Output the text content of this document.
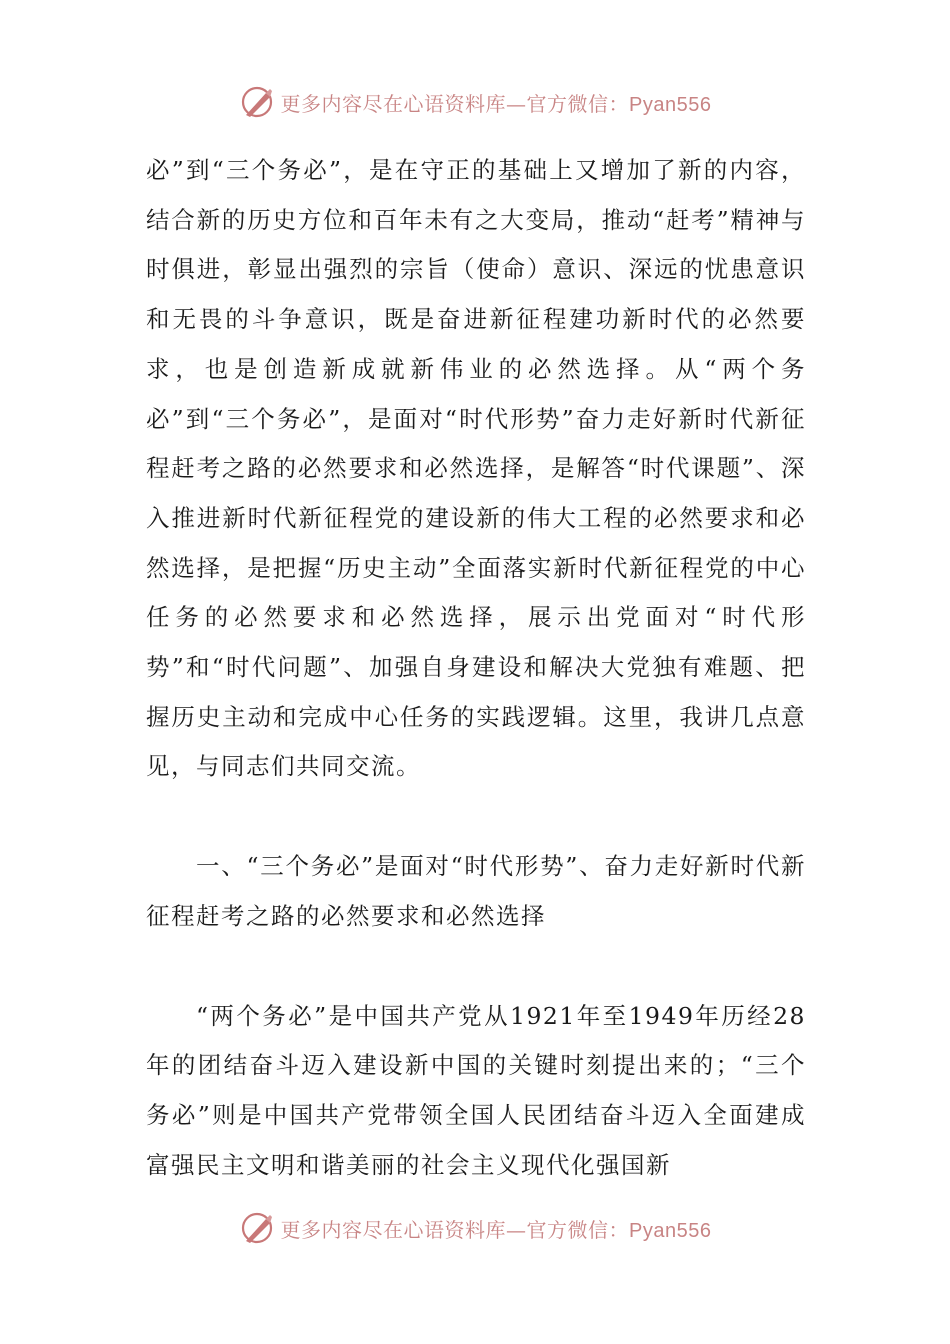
更多内容尽在心语资料库—官方微信：Pyan556

必”到“三个务必”，是在守正的基础上又增加了新的内容，结合新的历史方位和百年未有之大变局，推动“赶考”精神与时俱进，彰显出强烈的宗旨（使命）意识、深远的忧患意识和无畏的斗争意识，既是奋进新征程建功新时代的必然要求，也是创造新成就新伟业的必然选择。从“两个务必”到“三个务必”，是面对“时代形势”奋力走好新时代新征程赶考之路的必然要求和必然选择，是解答“时代课题”、深入推进新时代新征程党的建设新的伟大工程的必然要求和必然选择，是把握“历史主动”全面落实新时代新征程党的中心任务的必然要求和必然选择，展示出党面对“时代形势”和“时代问题”、加强自身建设和解决大党独有难题、把握历史主动和完成中心任务的实践逻辑。这里，我讲几点意见，与同志们共同交流。

一、“三个务必”是面对“时代形势”、奋力走好新时代新征程赶考之路的必然要求和必然选择

“两个务必”是中国共产党从1921年至1949年历经28年的团结奋斗迈入建设新中国的关键时刻提出来的；“三个务必”则是中国共产党带领全国人民团结奋斗迈入全面建成富强民主文明和谐美丽的社会主义现代化强国新

更多内容尽在心语资料库—官方微信：Pyan556
